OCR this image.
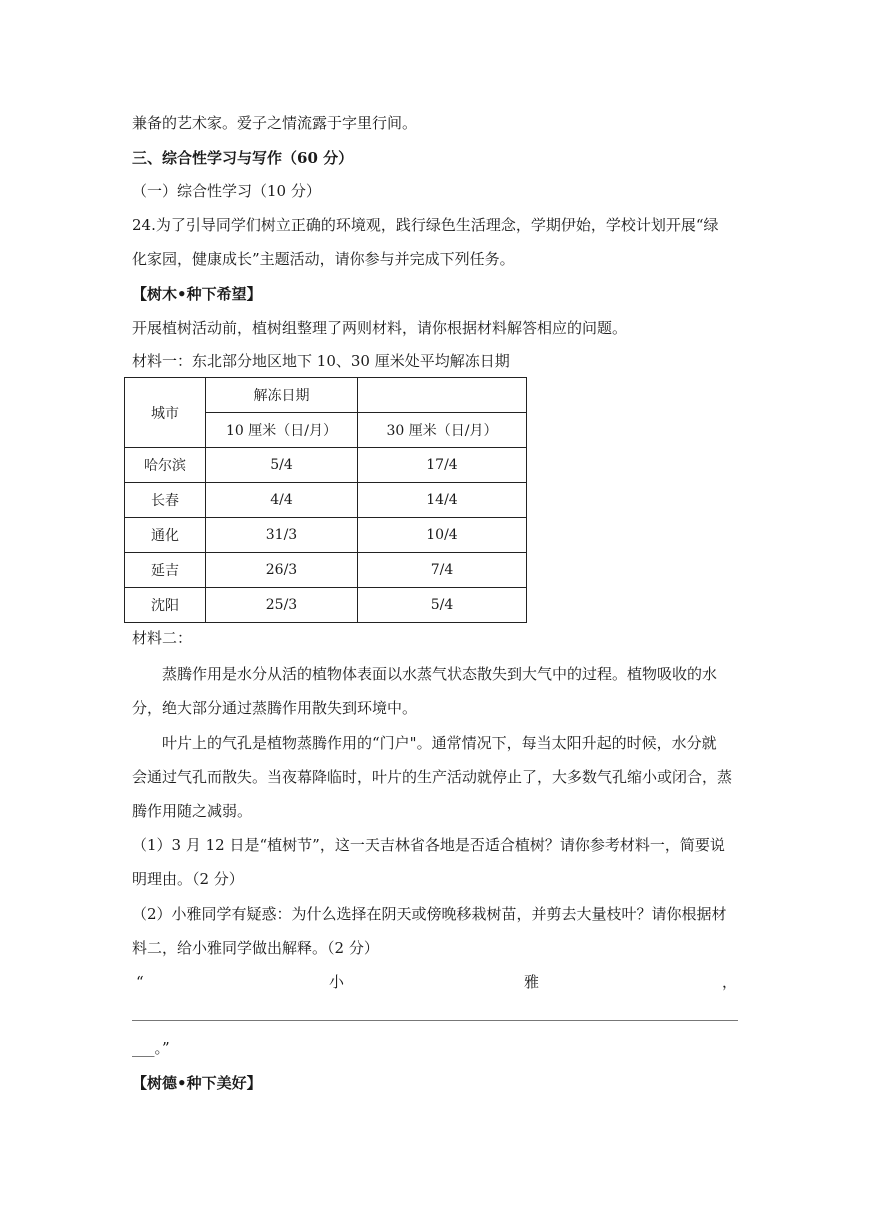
兼备的艺术家。爱子之情流露于字里行间。
三、综合性学习与写作（60 分）
（一）综合性学习（10 分）
24.为了引导同学们树立正确的环境观，践行绿色生活理念，学期伊始，学校计划开展“绿
化家园，健康成长”主题活动，请你参与并完成下列任务。
【树木•种下希望】
开展植树活动前，植树组整理了两则材料，请你根据材料解答相应的问题。
材料一：东北部分地区地下 10、30 厘米处平均解冻日期
城市	解冻日期	
	10 厘米（日/月）	30 厘米（日/月）
哈尔滨	5/4	17/4
长春	4/4	14/4
通化	31/3	10/4
延吉	26/3	7/4
沈阳	25/3	5/4
材料二：
蒸腾作用是水分从活的植物体表面以水蒸气状态散失到大气中的过程。植物吸收的水
分，绝大部分通过蒸腾作用散失到环境中。
叶片上的气孔是植物蒸腾作用的“门户"。通常情况下，每当太阳升起的时候，水分就
会通过气孔而散失。当夜幕降临时，叶片的生产活动就停止了，大多数气孔缩小或闭合，蒸
腾作用随之减弱。
（1）3 月 12 日是“植树节”，这一天吉林省各地是否适合植树？请你参考材料一，简要说
明理由。（2 分）
（2）小雅同学有疑惑：为什么选择在阴天或傍晚移栽树苗，并剪去大量枝叶？请你根据材
料二，给小雅同学做出解释。（2 分）
“	小	雅	，
___。”
【树德•种下美好】
